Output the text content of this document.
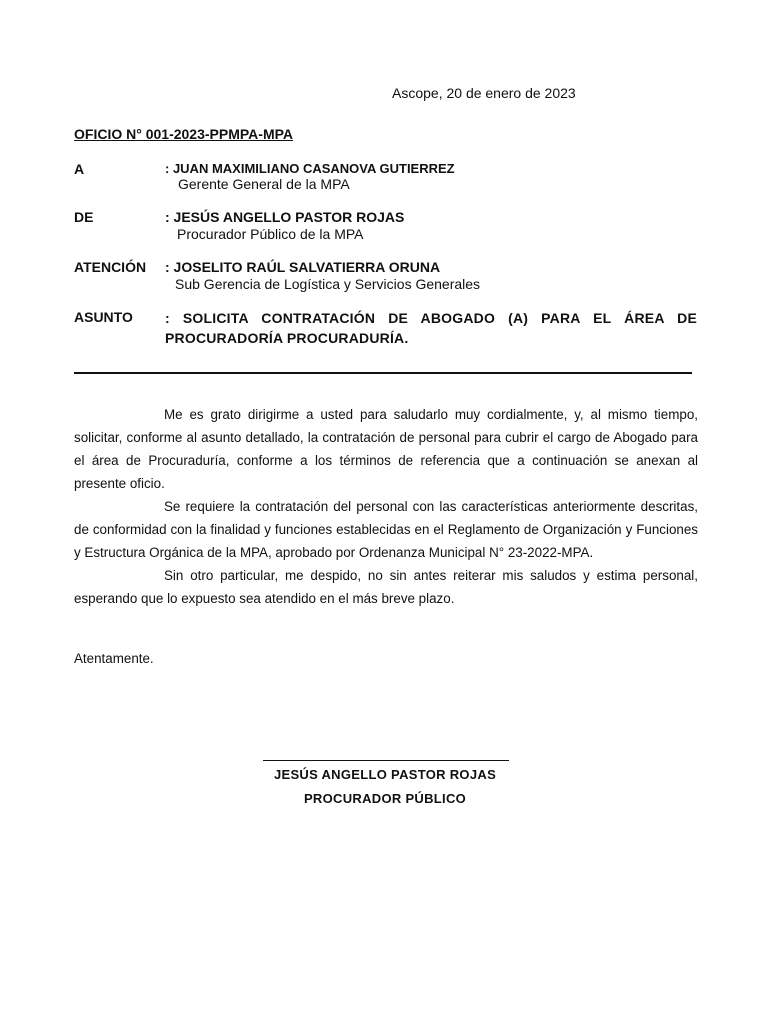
Ascope, 20 de enero de 2023
OFICIO N° 001-2023-PPMPA-MPA
A	: JUAN MAXIMILIANO CASANOVA GUTIERREZ
Gerente General de la MPA
DE	: JESÚS ANGELLO PASTOR ROJAS
Procurador Público de la MPA
ATENCIÓN : JOSELITO RAÚL SALVATIERRA ORUNA
Sub Gerencia de Logística y Servicios Generales
ASUNTO : SOLICITA CONTRATACIÓN DE ABOGADO (A) PARA EL ÁREA DE PROCURADORÍA PROCURADURÍA.

Me es grato dirigirme a usted para saludarlo muy cordialmente, y, al mismo tiempo, solicitar, conforme al asunto detallado, la contratación de personal para cubrir el cargo de Abogado para el área de Procuraduría, conforme a los términos de referencia que a continuación se anexan al presente oficio.

Se requiere la contratación del personal con las características anteriormente descritas, de conformidad con la finalidad y funciones establecidas en el Reglamento de Organización y Funciones y Estructura Orgánica de la MPA, aprobado por Ordenanza Municipal N° 23-2022-MPA.

Sin otro particular, me despido, no sin antes reiterar mis saludos y estima personal, esperando que lo expuesto sea atendido en el más breve plazo.

Atentamente.
JESÚS ANGELLO PASTOR ROJAS
PROCURADOR PÚBLICO
